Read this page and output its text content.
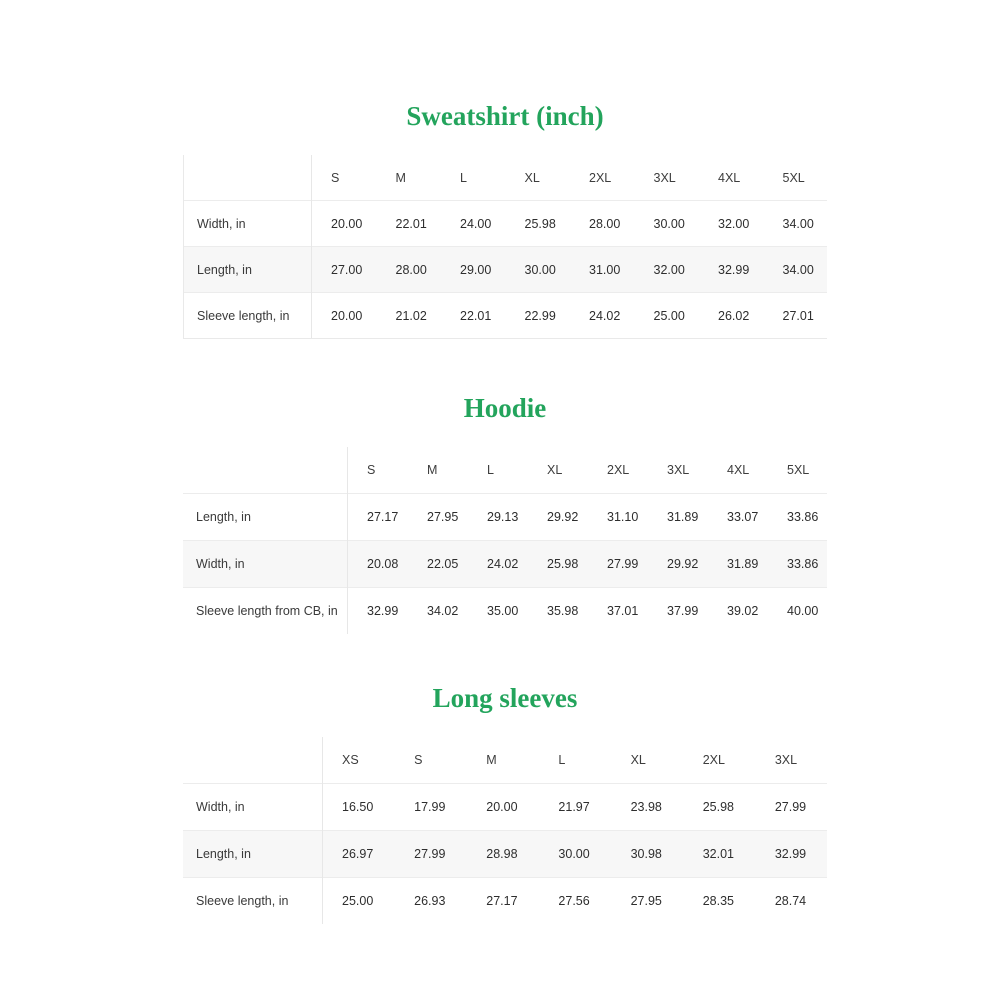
Sweatshirt (inch)
S	M	L	XL	2XL	3XL	4XL	5XL
Width, in	20.00	22.01	24.00	25.98	28.00	30.00	32.00	34.00
Length, in	27.00	28.00	29.00	30.00	31.00	32.00	32.99	34.00
Sleeve length, in	20.00	21.02	22.01	22.99	24.02	25.00	26.02	27.01
Hoodie
S	M	L	XL	2XL	3XL	4XL	5XL
Length, in	27.17	27.95	29.13	29.92	31.10	31.89	33.07	33.86
Width, in	20.08	22.05	24.02	25.98	27.99	29.92	31.89	33.86
Sleeve length from CB, in	32.99	34.02	35.00	35.98	37.01	37.99	39.02	40.00
Long sleeves
XS	S	M	L	XL	2XL	3XL
Width, in	16.50	17.99	20.00	21.97	23.98	25.98	27.99
Length, in	26.97	27.99	28.98	30.00	30.98	32.01	32.99
Sleeve length, in	25.00	26.93	27.17	27.56	27.95	28.35	28.74
